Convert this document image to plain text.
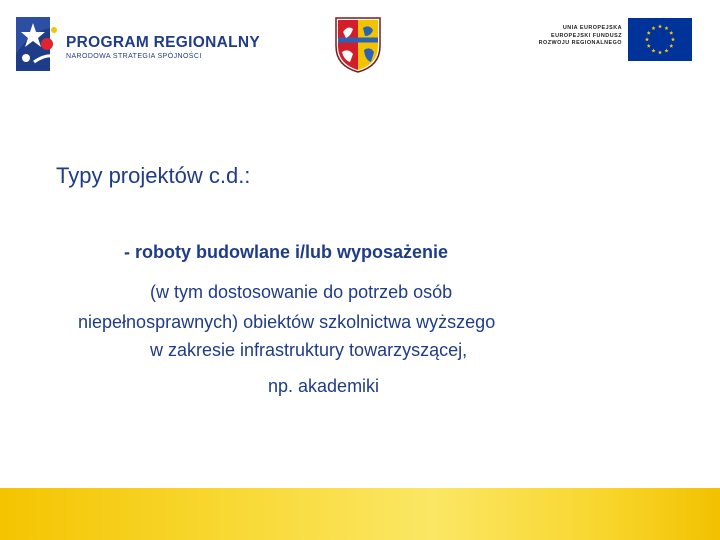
PROGRAM REGIONALNY
NARODOWA STRATEGIA SPÓJNOŚCI
UNIA EUROPEJSKA
EUROPEJSKI FUNDUSZ
ROZWOJU REGIONALNEGO
Typy projektów c.d.:
- roboty budowlane i/lub wyposażenie
(w tym dostosowanie do potrzeb osób
niepełnosprawnych) obiektów szkolnictwa wyższego
w zakresie infrastruktury towarzyszącej,
np. akademiki
